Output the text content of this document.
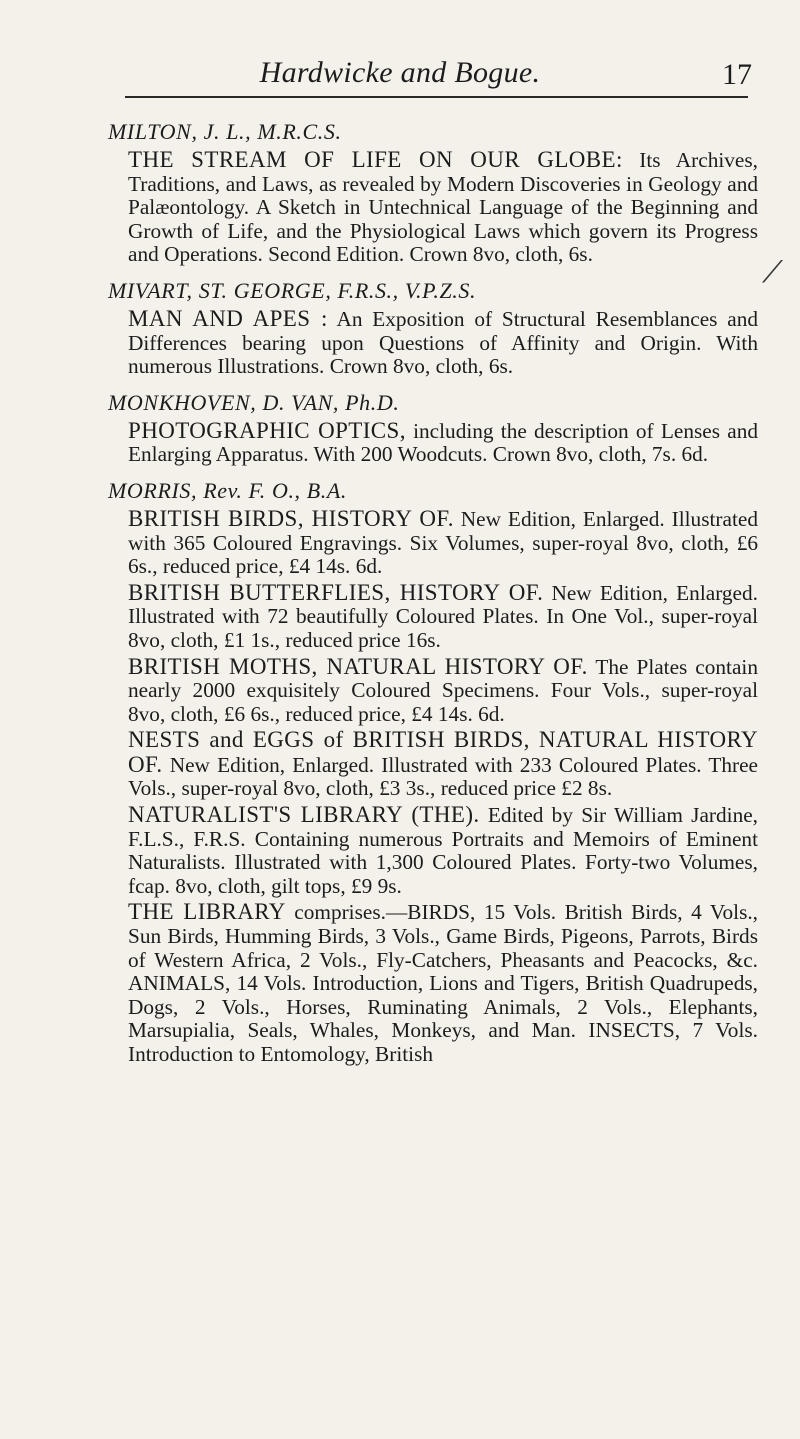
Hardwicke and Bogue.	17
⟋
MILTON, J. L., M.R.C.S.

THE STREAM OF LIFE ON OUR GLOBE: Its Archives, Traditions, and Laws, as revealed by Modern Discoveries in Geology and Palæontology. A Sketch in Untechnical Language of the Beginning and Growth of Life, and the Physiological Laws which govern its Progress and Operations. Second Edition. Crown 8vo, cloth, 6s.

MIVART, ST. GEORGE, F.R.S., V.P.Z.S.

MAN AND APES : An Exposition of Structural Resemblances and Differences bearing upon Questions of Affinity and Origin. With numerous Illustrations. Crown 8vo, cloth, 6s.

MONKHOVEN, D. VAN, Ph.D.

PHOTOGRAPHIC OPTICS, including the description of Lenses and Enlarging Apparatus. With 200 Woodcuts. Crown 8vo, cloth, 7s. 6d.

MORRIS, Rev. F. O., B.A.

BRITISH BIRDS, HISTORY OF. New Edition, Enlarged. Illustrated with 365 Coloured Engravings. Six Volumes, super-royal 8vo, cloth, £6 6s., reduced price, £4 14s. 6d.

BRITISH BUTTERFLIES, HISTORY OF. New Edition, Enlarged. Illustrated with 72 beautifully Coloured Plates. In One Vol., super-royal 8vo, cloth, £1 1s., reduced price 16s.

BRITISH MOTHS, NATURAL HISTORY OF. The Plates contain nearly 2000 exquisitely Coloured Specimens. Four Vols., super-royal 8vo, cloth, £6 6s., reduced price, £4 14s. 6d.

NESTS and EGGS of BRITISH BIRDS, NATURAL HISTORY OF. New Edition, Enlarged. Illustrated with 233 Coloured Plates. Three Vols., super-royal 8vo, cloth, £3 3s., reduced price £2 8s.

NATURALIST'S LIBRARY (THE). Edited by Sir William Jardine, F.L.S., F.R.S. Containing numerous Portraits and Memoirs of Eminent Naturalists. Illustrated with 1,300 Coloured Plates. Forty-two Volumes, fcap. 8vo, cloth, gilt tops, £9 9s.

THE LIBRARY comprises.—BIRDS, 15 Vols. British Birds, 4 Vols., Sun Birds, Humming Birds, 3 Vols., Game Birds, Pigeons, Parrots, Birds of Western Africa, 2 Vols., Fly-Catchers, Pheasants and Peacocks, &c. ANIMALS, 14 Vols. Introduction, Lions and Tigers, British Quadrupeds, Dogs, 2 Vols., Horses, Ruminating Animals, 2 Vols., Elephants, Marsupialia, Seals, Whales, Monkeys, and Man. INSECTS, 7 Vols. Introduction to Entomology, British
